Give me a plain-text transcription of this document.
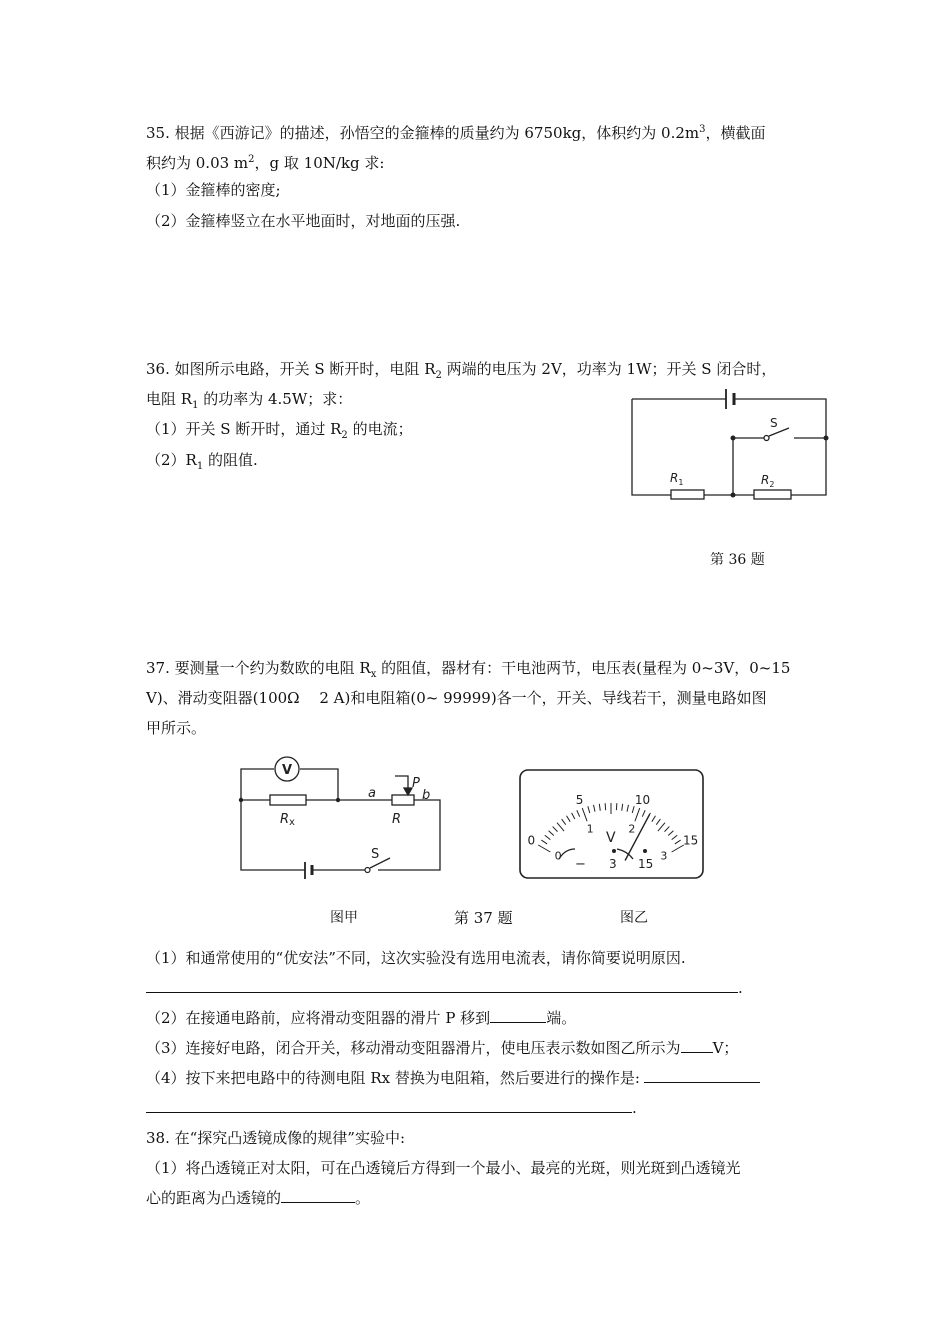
35. 根据《西游记》的描述，孙悟空的金箍棒的质量约为 6750kg，体积约为 $0.2m^3$，横截面
积约为 0.03 $m^2$，g 取 10N/kg 求:
（1）金箍棒的密度;
（2）金箍棒竖立在水平地面时，对地面的压强.
36. 如图所示电路，开关 S 断开时，电阻 $R_2$ 两端的电压为 2V，功率为 1W；开关 S 闭合时，
电阻 $R_1$ 的功率为 4.5W；求：
（1）开关 S 断开时，通过 $R_2$ 的电流；
$(2)R_1$ 的阻值.
S
$R_1$	$R_2$
第 36 题
37. 要测量一个约为数欧的电阻 $R_x$ 的阻值，器材有：干电池两节，电压表(量程为 0~3V，0~15
V)、滑动变阻器(100Ω　 2 A)和电阻箱(0~ 99999)各一个，开关、导线若干，测量电路如图
甲所示。
V
Rx	R
a	b
P
S
0
5	10
15
0
1	2
3
V
− 3 15
图甲	第 37 题	图乙
（1）和通常使用的“优安法”不同，这次实验没有选用电流表，请你简要说明原因.
.
（2）在接通电路前，应将滑动变阻器的滑片 P 移到	端。
（3）连接好电路，闭合开关，移动滑动变阻器滑片，使电压表示数如图乙所示为 V；
（4）按下来把电路中的待测电阻 Rx 替换为电阻箱，然后要进行的操作是:
.
38. 在“探究凸透镜成像的规律”实验中:
（1）将凸透镜正对太阳，可在凸透镜后方得到一个最小、最亮的光斑，则光斑到凸透镜光
心的距离为凸透镜的	。
